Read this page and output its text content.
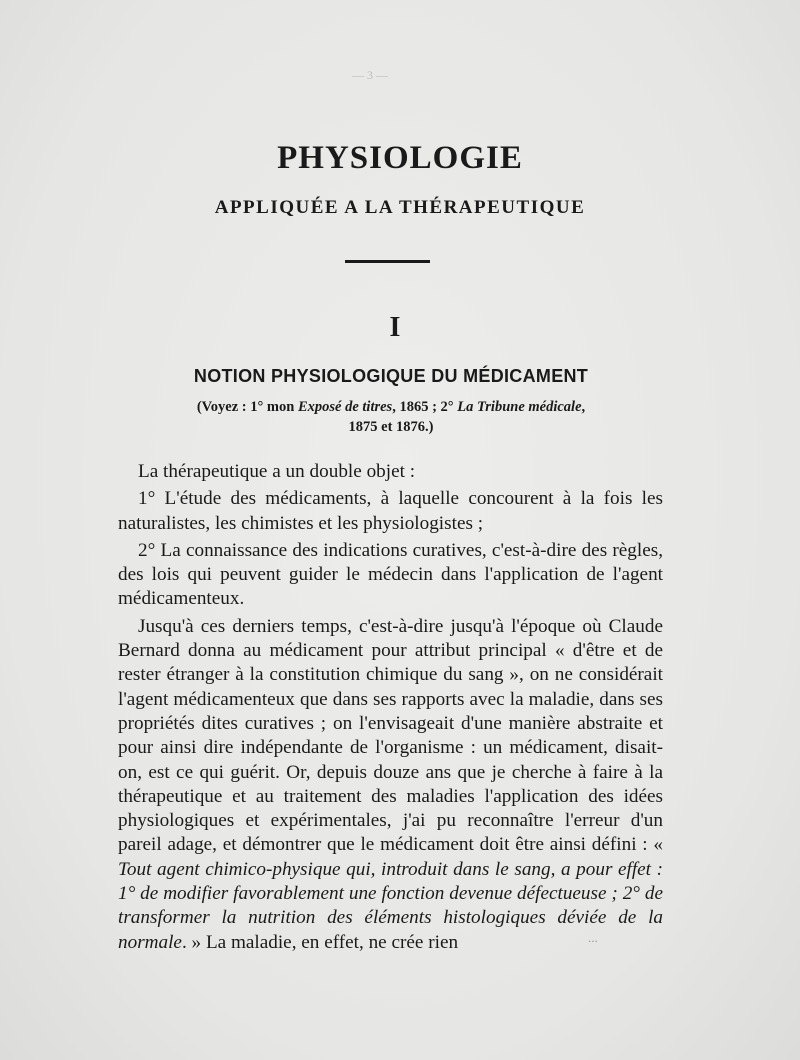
— 3 —
PHYSIOLOGIE
APPLIQUÉE A LA THÉRAPEUTIQUE
I
NOTION PHYSIOLOGIQUE DU MÉDICAMENT
(Voyez : 1° mon Exposé de titres, 1865 ; 2° La Tribune médicale,
1875 et 1876.)

La thérapeutique a un double objet :

1° L'étude des médicaments, à laquelle concourent à la fois les naturalistes, les chimistes et les physiologistes ;

2° La connaissance des indications curatives, c'est-à-dire des règles, des lois qui peuvent guider le médecin dans l'application de l'agent médicamenteux.

Jusqu'à ces derniers temps, c'est-à-dire jusqu'à l'époque où Claude Bernard donna au médicament pour attribut principal « d'être et de rester étranger à la constitution chimique du sang », on ne considérait l'agent médicamenteux que dans ses rapports avec la maladie, dans ses propriétés dites curatives ; on l'envisageait d'une manière abstraite et pour ainsi dire indépendante de l'organisme : un médicament, disait-on, est ce qui guérit. Or, depuis douze ans que je cherche à faire à la thérapeutique et au traitement des maladies l'application des idées physiologiques et expérimentales, j'ai pu reconnaître l'erreur d'un pareil adage, et démontrer que le médicament doit être ainsi défini : « Tout agent chimico-physique qui, introduit dans le sang, a pour effet : 1° de modifier favorablement une fonction devenue défectueuse ; 2° de transformer la nutrition des éléments histologiques déviée de la normale. » La maladie, en effet, ne crée rien	...
